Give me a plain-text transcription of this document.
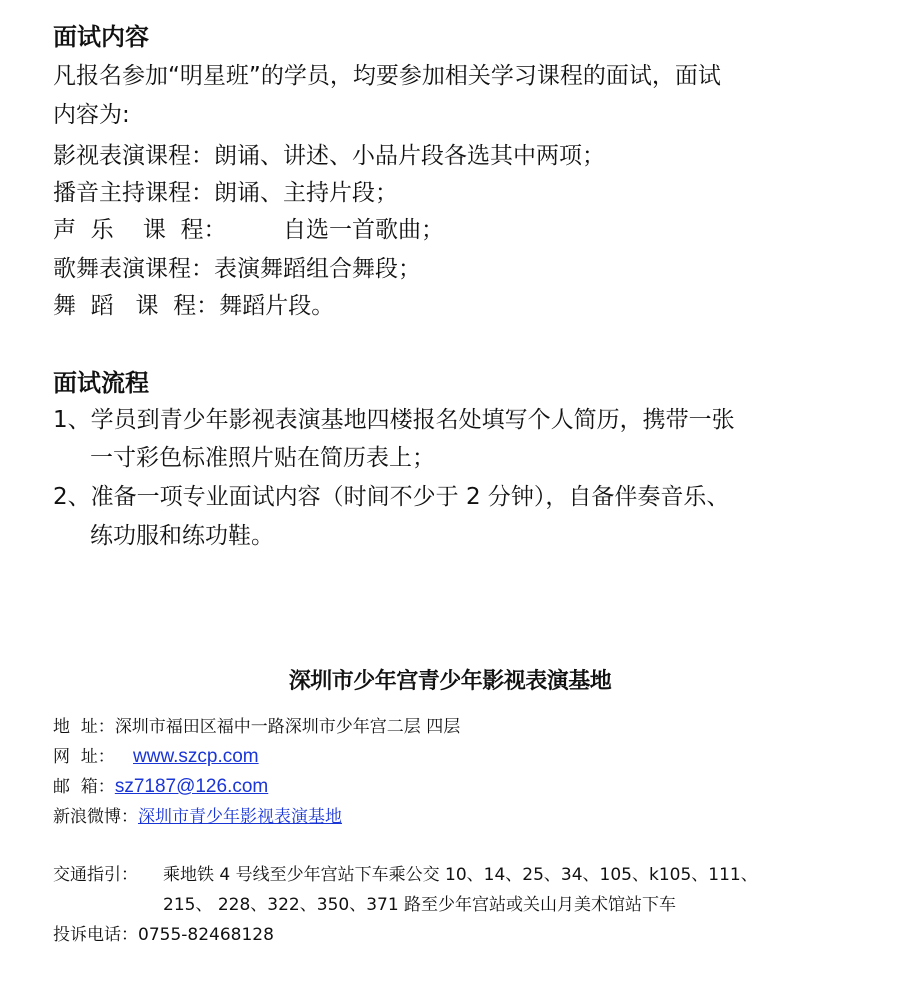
面试内容
凡报名参加“明星班”的学员，均要参加相关学习课程的面试，面试
内容为:
影视表演课程：朗诵、讲述、小品片段各选其中两项；
播音主持课程：朗诵、主持片段；
声  乐    课  程： 自选一首歌曲；
歌舞表演课程：表演舞蹈组合舞段；
舞  蹈   课  程：舞蹈片段。
面试流程
1、学员到青少年影视表演基地四楼报名处填写个人简历，携带一张
一寸彩色标准照片贴在简历表上；
2、准备一项专业面试内容（时间不少于 2 分钟），自备伴奏音乐、
练功服和练功鞋。
深圳市少年宫青少年影视表演基地
地  址：深圳市福田区福中一路深圳市少年宫二层 四层
网  址： www.szcp.com
邮  箱：sz7187@126.com
新浪微博：深圳市青少年影视表演基地
交通指引： 乘地铁 4 号线至少年宫站下车乘公交 10、14、25、34、105、k105、111、
215、 228、322、350、371 路至少年宫站或关山月美术馆站下车
投诉电话：0755-82468128
